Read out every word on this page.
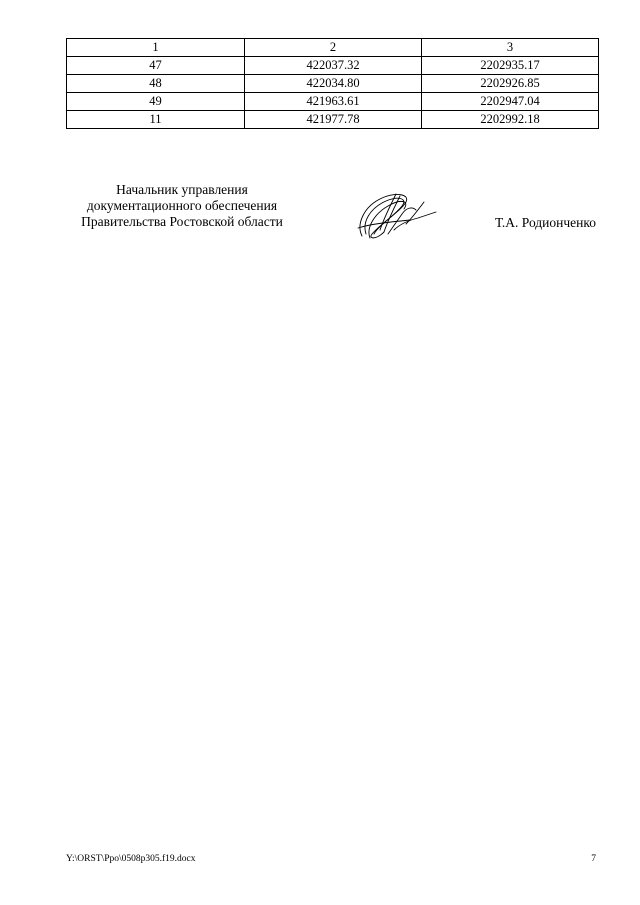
1	2	3
47	422037.32	2202935.17
48	422034.80	2202926.85
49	421963.61	2202947.04
11	421977.78	2202992.18
Начальник управления
документационного обеспечения
Правительства Ростовской области	Т.А. Родионченко
Y:\ORST\Ppo\0508p305.f19.docx	7
